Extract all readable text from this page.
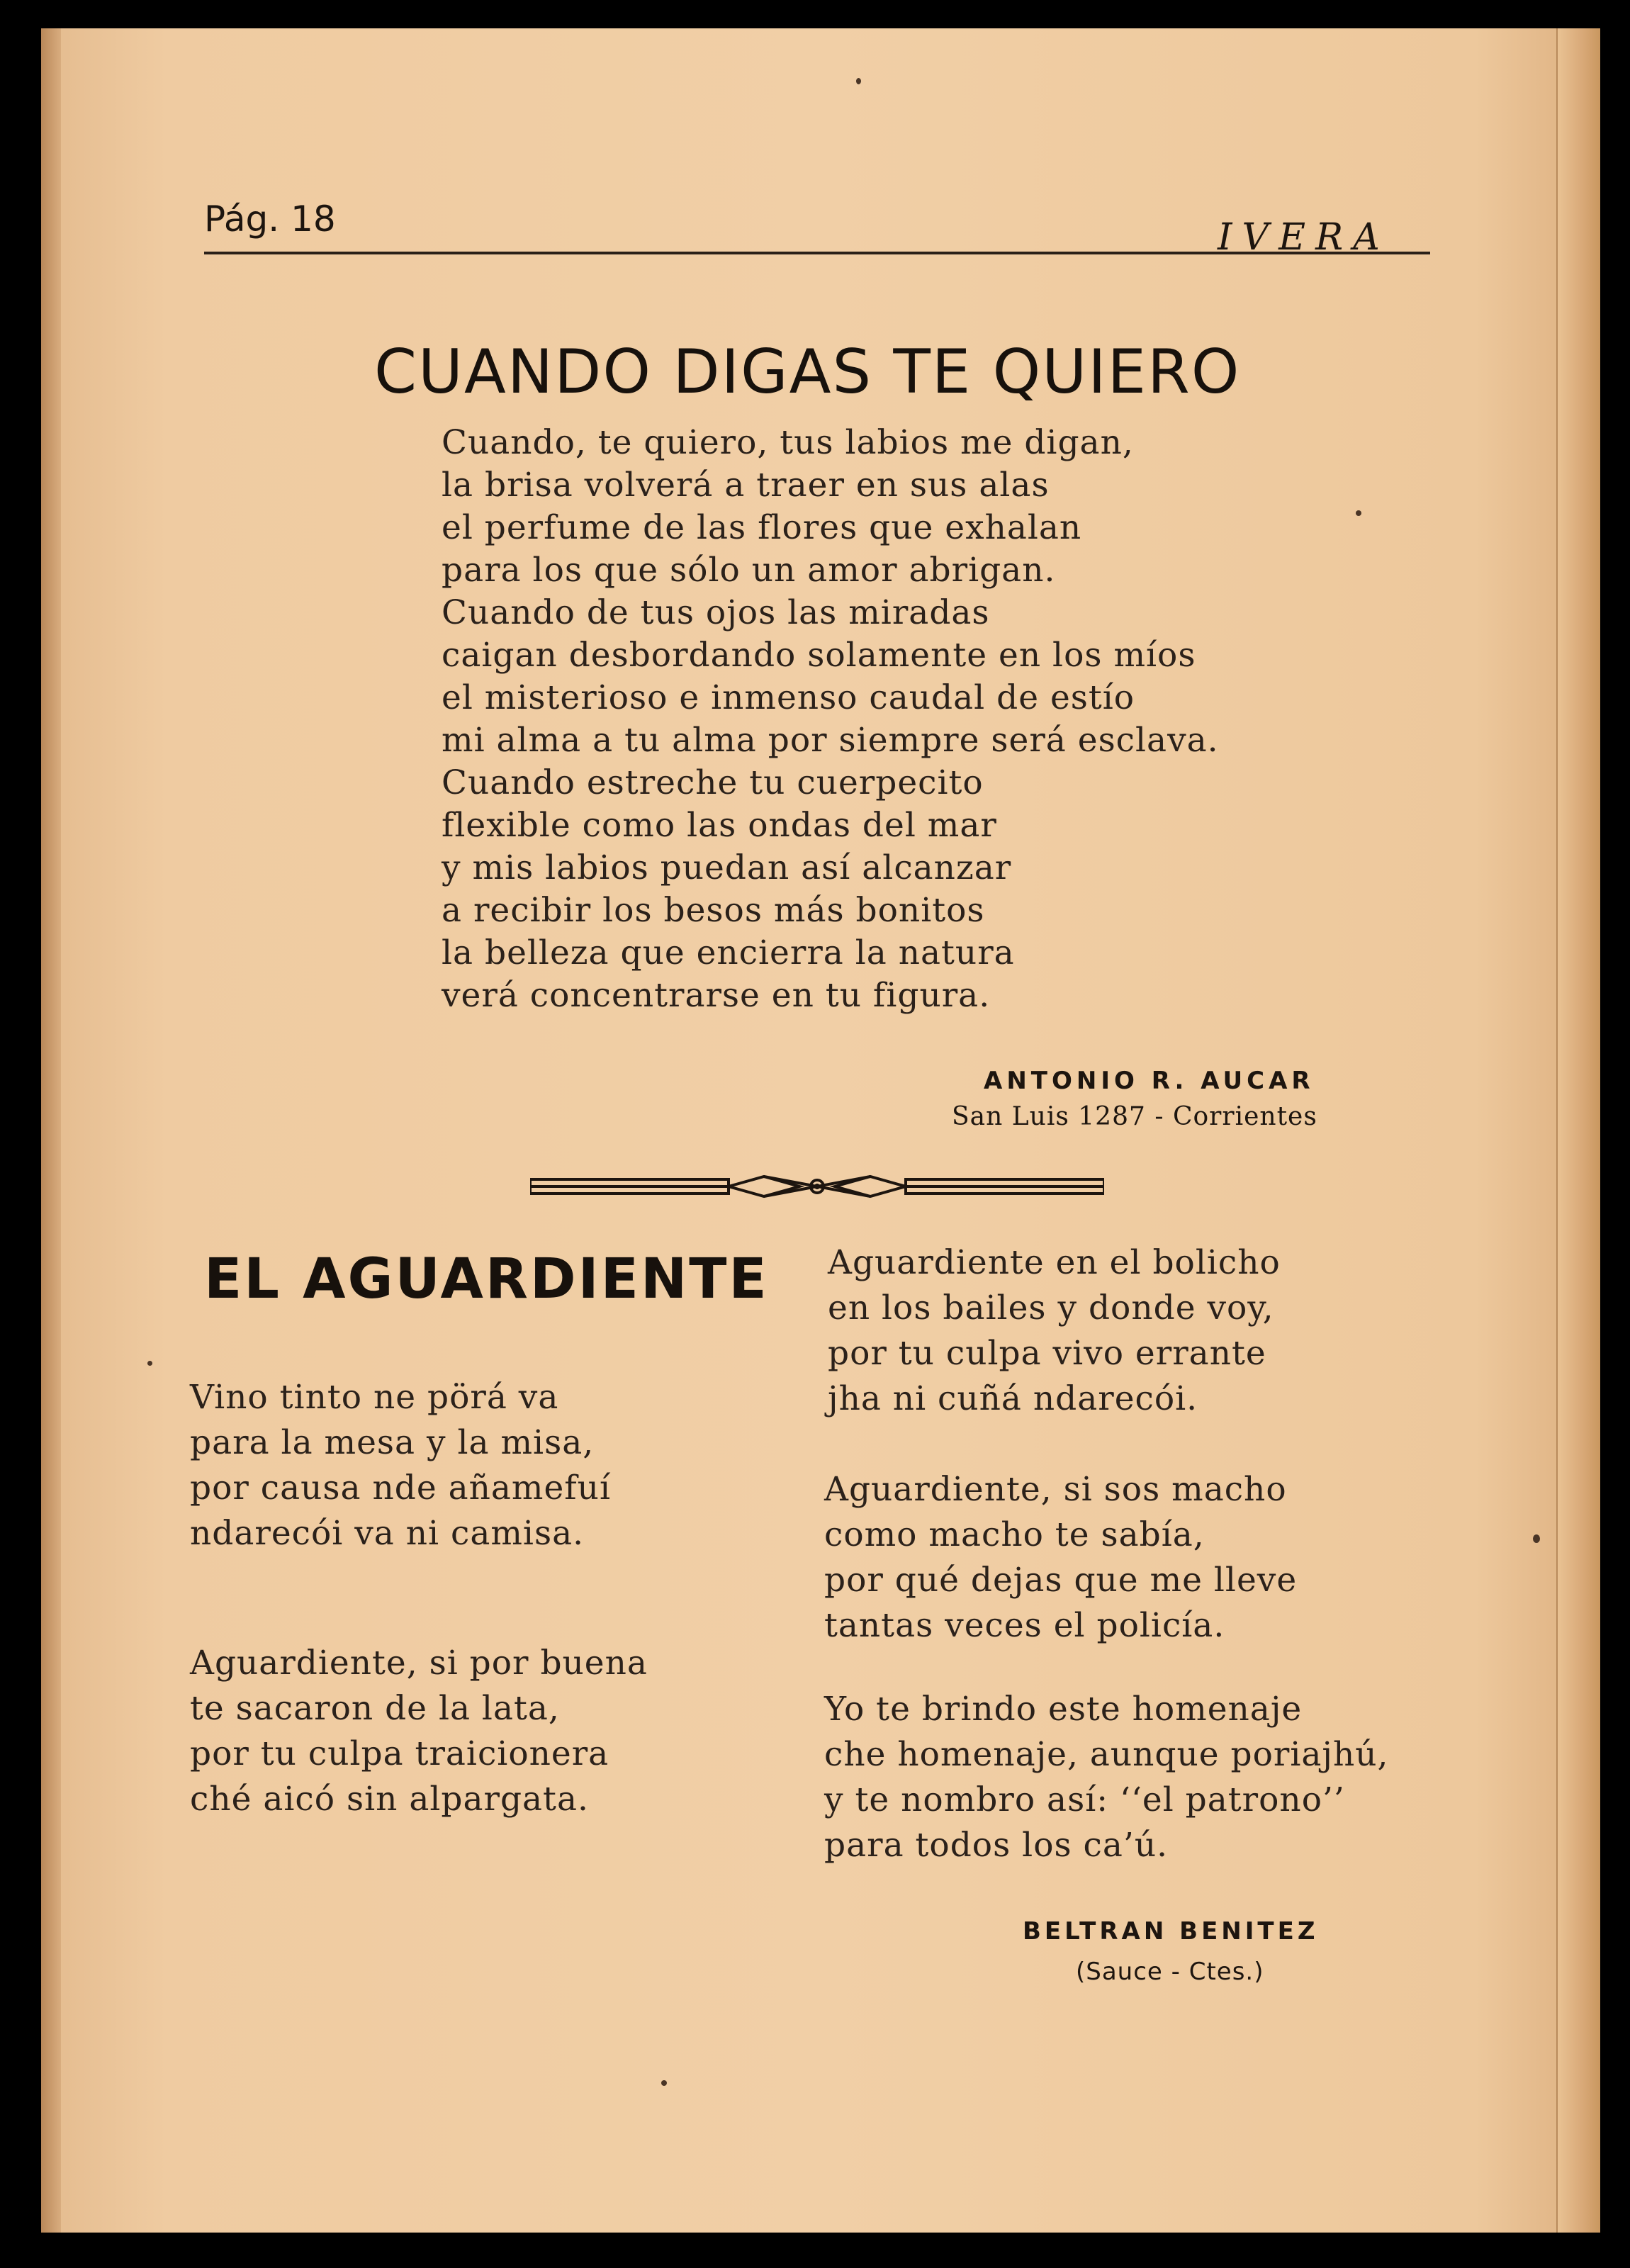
Pág. 18	IVERA
CUANDO DIGAS TE QUIERO
Cuando, te quiero, tus labios me digan,
la brisa volverá a traer en sus alas
el perfume de las flores que exhalan
para los que sólo un amor abrigan.
Cuando de tus ojos las miradas
caigan desbordando solamente en los míos
el misterioso e inmenso caudal de estío
mi alma a tu alma por siempre será esclava.
Cuando estreche tu cuerpecito
flexible como las ondas del mar
y mis labios puedan así alcanzar
a recibir los besos más bonitos
la belleza que encierra la natura
verá concentrarse en tu figura.
ANTONIO R. AUCAR
San Luis 1287 - Corrientes
EL AGUARDIENTE
Vino tinto ne pörá va
para la mesa y la misa,
por causa nde añamefuí
ndarecói va ni camisa.
Aguardiente, si por buena
te sacaron de la lata,
por tu culpa traicionera
ché aicó sin alpargata.
Aguardiente en el bolicho
en los bailes y donde voy,
por tu culpa vivo errante
jha ni cuñá ndarecói.
Aguardiente, si sos macho
como macho te sabía,
por qué dejas que me lleve
tantas veces el policía.
Yo te brindo este homenaje
che homenaje, aunque poriajhú,
y te nombro así: ‘‘el patrono’’
para todos los ca’ú.
BELTRAN BENITEZ
(Sauce - Ctes.)
